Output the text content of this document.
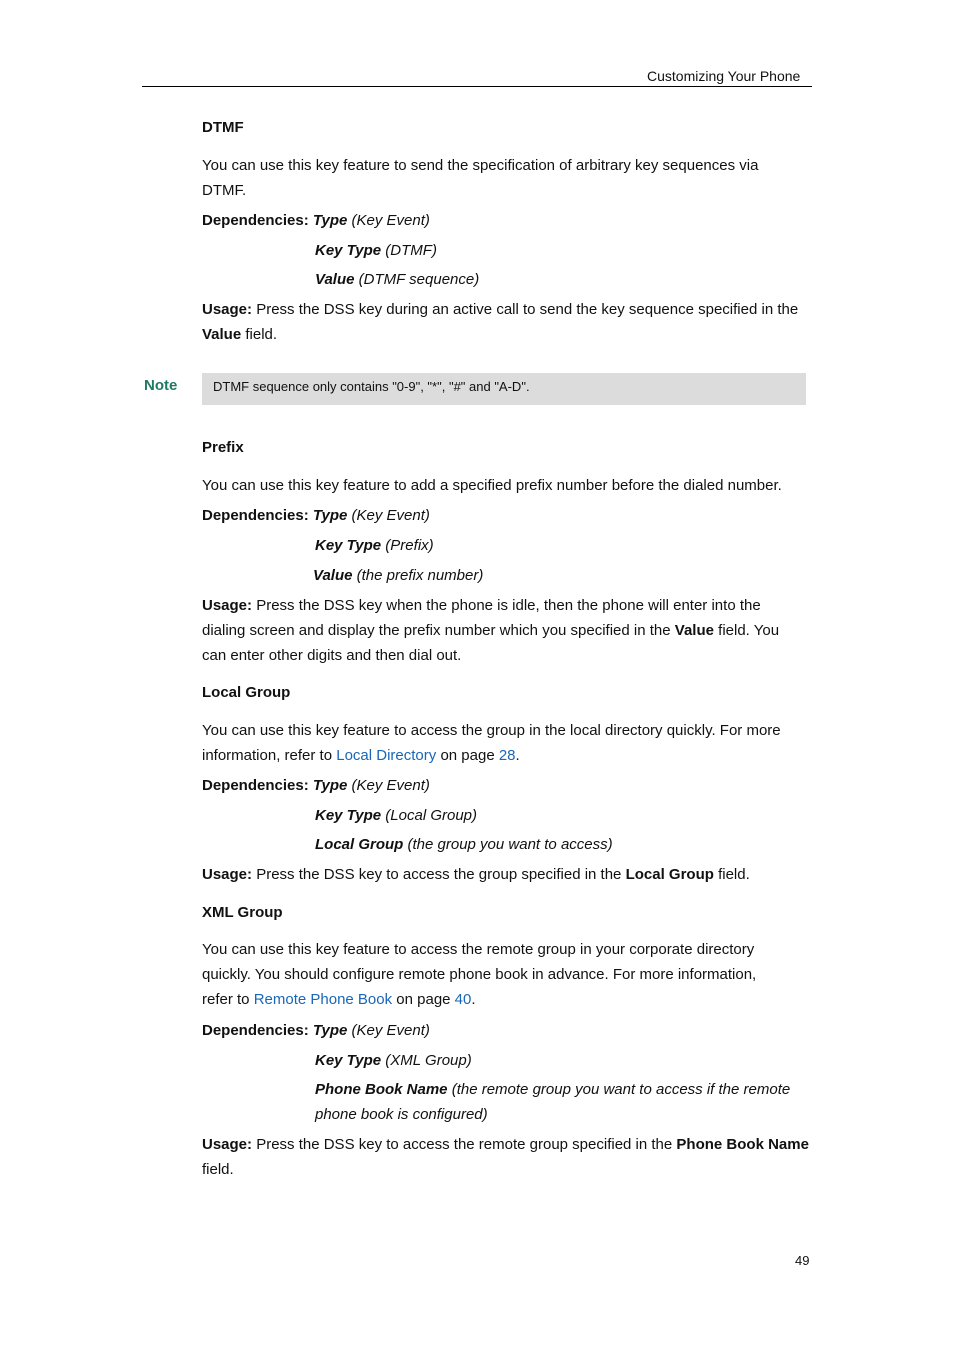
Customizing Your Phone
DTMF
You can use this key feature to send the specification of arbitrary key sequences via
DTMF.
Dependencies: Type (Key Event)
Key Type (DTMF)
Value (DTMF sequence)
Usage: Press the DSS key during an active call to send the key sequence specified in the
Value field.
Note	DTMF sequence only contains "0-9", "*", "#" and "A-D".
Prefix
You can use this key feature to add a specified prefix number before the dialed number.
Dependencies: Type (Key Event)
Key Type (Prefix)
Value (the prefix number)
Usage: Press the DSS key when the phone is idle, then the phone will enter into the
dialing screen and display the prefix number which you specified in the Value field. You
can enter other digits and then dial out.
Local Group
You can use this key feature to access the group in the local directory quickly. For more
information, refer to Local Directory on page 28.
Dependencies: Type (Key Event)
Key Type (Local Group)
Local Group (the group you want to access)
Usage: Press the DSS key to access the group specified in the Local Group field.
XML Group
You can use this key feature to access the remote group in your corporate directory
quickly. You should configure remote phone book in advance. For more information,
refer to Remote Phone Book on page 40.
Dependencies: Type (Key Event)
Key Type (XML Group)
Phone Book Name (the remote group you want to access if the remote
phone book is configured)
Usage: Press the DSS key to access the remote group specified in the Phone Book Name
field.
49
